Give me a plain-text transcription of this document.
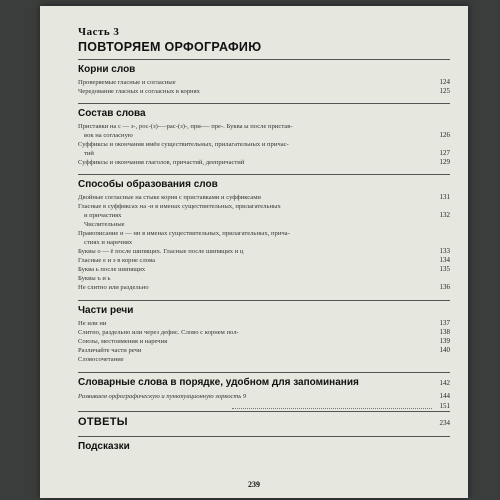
Часть 3
ПОВТОРЯЕМ ОРФОГРАФИЮ
Корни слов
Проверяемые гласные и согласные	124
Чередование гласных и согласных в корнях	125
Состав слова
Приставки на с — з-, рос-(з)-—рас-(з)-, при-— пре-. Буква ы после пристав-
вок на согласную	126
Суффиксы и окончания имён существительных, прилагательных и причас-
тий	127
Суффиксы и окончания глаголов, причастий, деепричастий	129
Способы образования слов
Двойные согласные на стыке корня с приставками и суффиксами	131
Гласные в суффиксах на -н в именах существительных, прилагательных
и причастиях	132
Числительные
Правописание н — нн в именах существительных, прилагательных, прича-
стиях и наречиях
Буквы о — ё после шипящих. Гласные после шипящих и ц	133
Гласные е и э в корне слова	134
Буква ь после шипящих	135
Буквы ъ и ь
Не слитно или раздельно	136
Части речи
Не или ни	137
Слитно, раздельно или через дефис. Слово с корнем пол-	138
Союзы, местоимения и наречия	139
Различайте части речи	140
Словосочетание
Словарные слова в порядке, удобном для запоминания	142
Развиваем орфографическую и пунктуационную зоркость 9	144
151
ОТВЕТЫ	234
Подсказки
239
